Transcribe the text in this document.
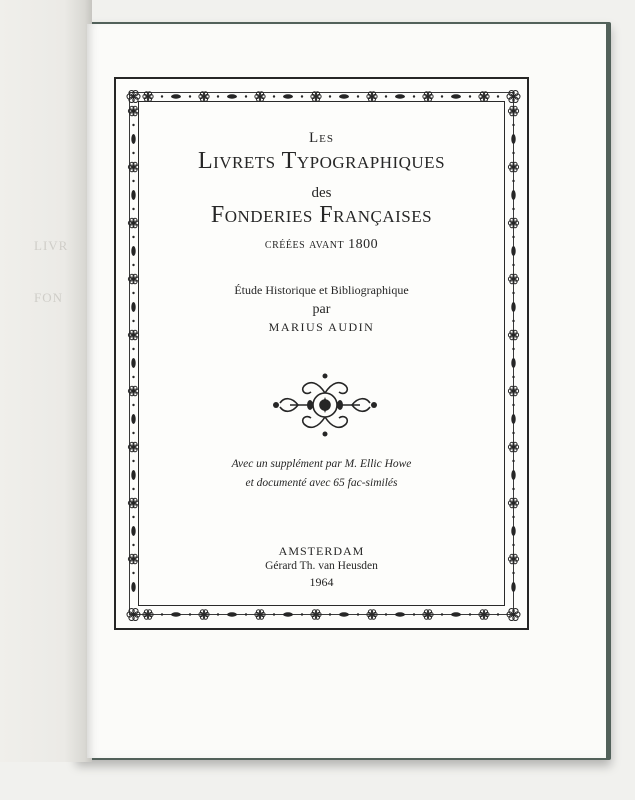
LIVR
FON
Les
Livrets Typographiques
des
Fonderies Françaises
créées avant 1800
Étude Historique et Bibliographique
par
MARIUS AUDIN
Avec un supplément par M. Ellic Howe
et documenté avec 65 fac-similés
AMSTERDAM
Gérard Th. van Heusden
1964
